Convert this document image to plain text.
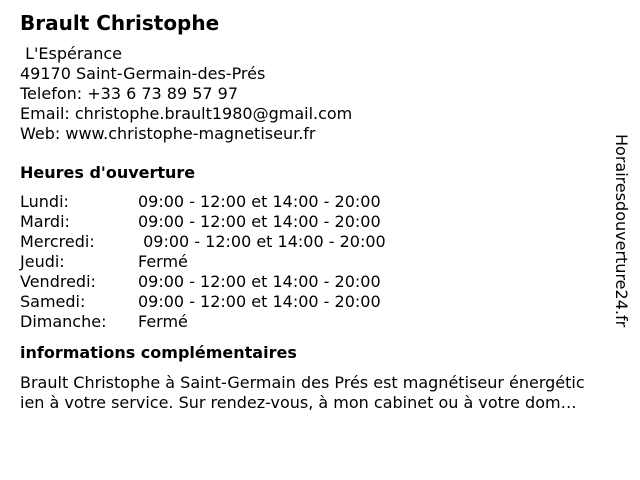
Brault Christophe
L'Espérance
49170 Saint-Germain-des-Prés
Telefon: +33 6 73 89 57 97
Email: christophe.brault1980@gmail.com
Web: www.christophe-magnetiseur.fr
Heures d'ouverture
Lundi:	09:00 - 12:00 et 14:00 - 20:00
Mardi:	09:00 - 12:00 et 14:00 - 20:00
Mercredi:	09:00 - 12:00 et 14:00 - 20:00
Jeudi:	Fermé
Vendredi:	09:00 - 12:00 et 14:00 - 20:00
Samedi:	09:00 - 12:00 et 14:00 - 20:00
Dimanche:	Fermé
informations complémentaires
Brault Christophe à Saint-Germain des Prés est magnétiseur énergétic
ien à votre service. Sur rendez-vous, à mon cabinet ou à votre dom…
Horairesdouverture24.fr
